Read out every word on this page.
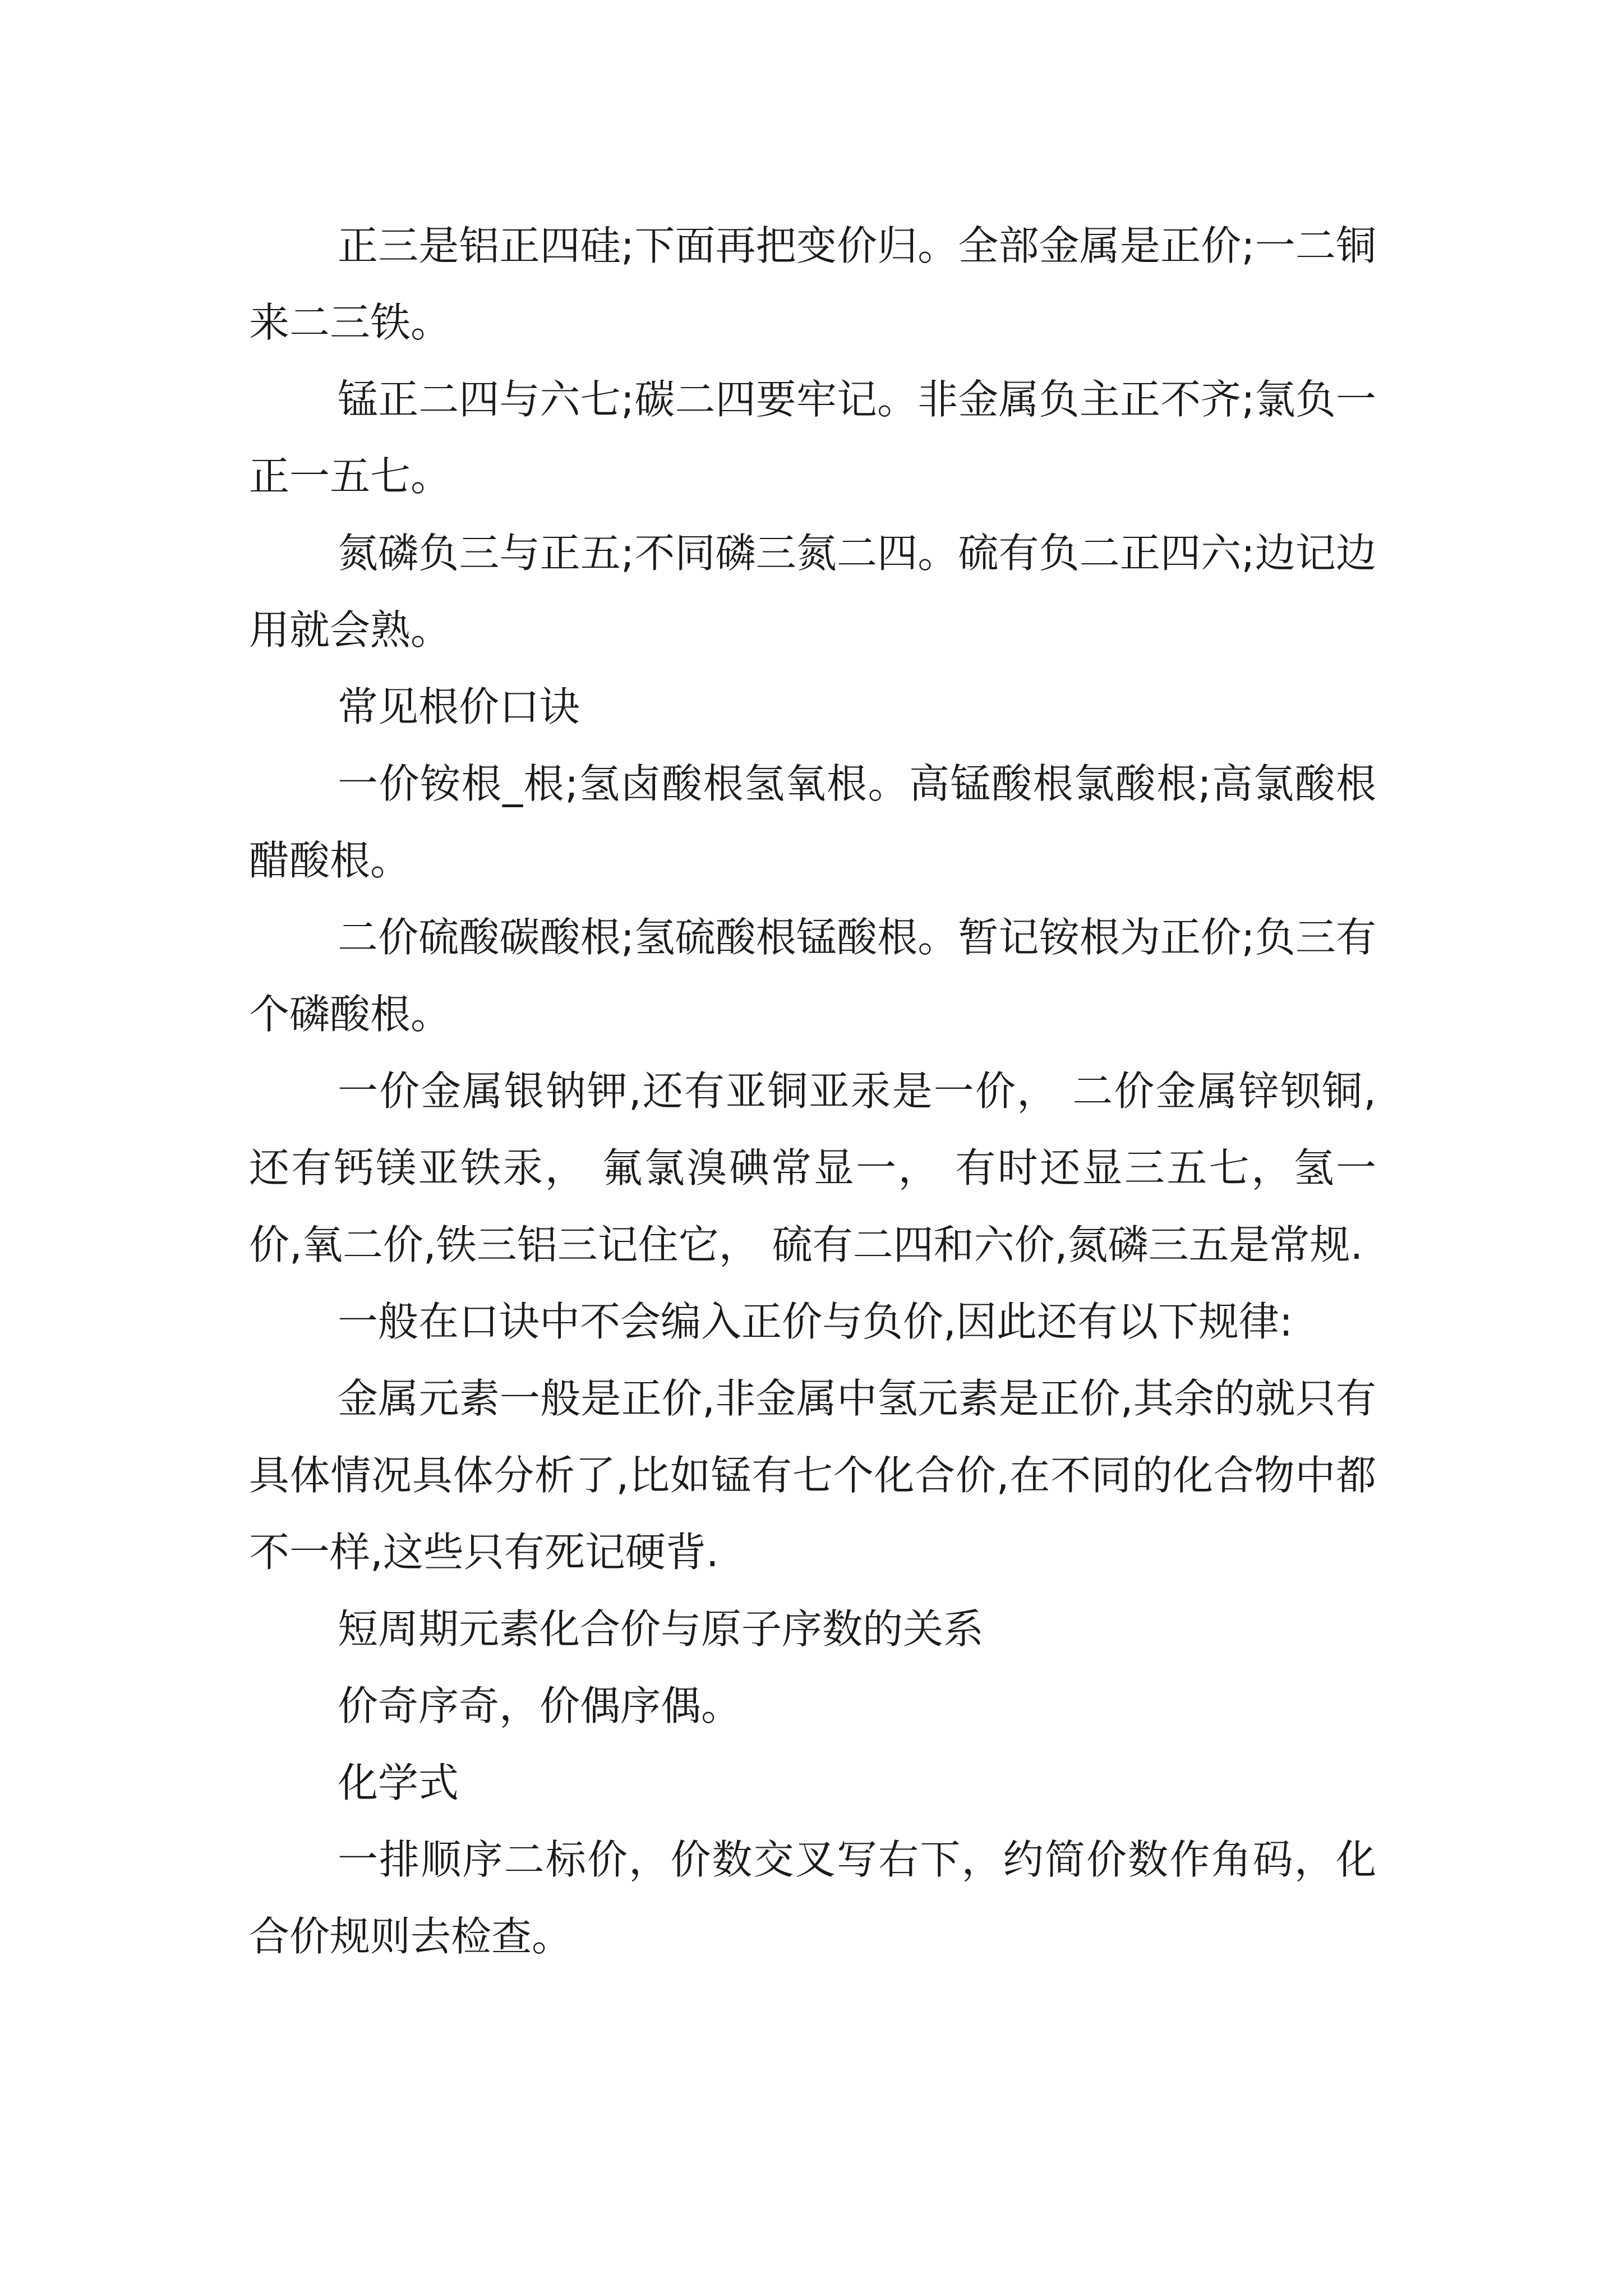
正三是铝正四硅;下面再把变价归。全部金属是正价;一二铜来二三铁。

锰正二四与六七;碳二四要牢记。非金属负主正不齐;氯负一正一五七。

氮磷负三与正五;不同磷三氮二四。硫有负二正四六;边记边用就会熟。

常见根价口诀

一价铵根_根;氢卤酸根氢氧根。高锰酸根氯酸根;高氯酸根醋酸根。

二价硫酸碳酸根;氢硫酸根锰酸根。暂记铵根为正价;负三有个磷酸根。

一价金属银钠钾,还有亚铜亚汞是一价， 二价金属锌钡铜,还有钙镁亚铁汞， 氟氯溴碘常显一， 有时还显三五七，氢一价,氧二价,铁三铝三记住它， 硫有二四和六价,氮磷三五是常规.

一般在口诀中不会编入正价与负价,因此还有以下规律:

金属元素一般是正价,非金属中氢元素是正价,其余的就只有具体情况具体分析了,比如锰有七个化合价,在不同的化合物中都不一样,这些只有死记硬背.

短周期元素化合价与原子序数的关系

价奇序奇，价偶序偶。

化学式

一排顺序二标价，价数交叉写右下，约简价数作角码，化合价规则去检查。
